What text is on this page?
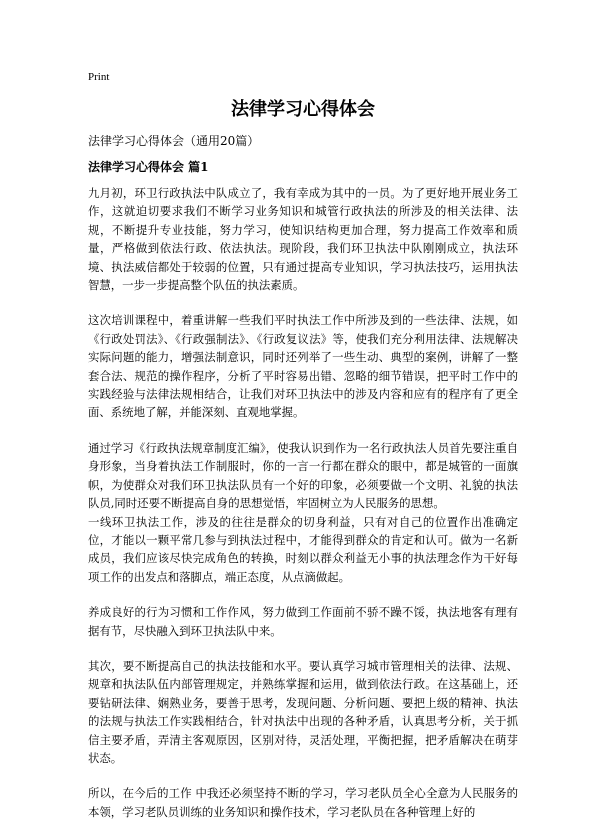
Print
法律学习心得体会
法律学习心得体会（通用20篇）
法律学习心得体会 篇1

九月初，环卫行政执法中队成立了，我有幸成为其中的一员。为了更好地开展业务工作，这就迫切要求我们不断学习业务知识和城管行政执法的所涉及的相关法律、法规，不断提升专业技能，努力学习，使知识结构更加合理，努力提高工作效率和质量，严格做到依法行政、依法执法。现阶段，我们环卫执法中队刚刚成立，执法环境、执法威信都处于较弱的位置，只有通过提高专业知识，学习执法技巧，运用执法智慧，一步一步提高整个队伍的执法素质。

这次培训课程中，着重讲解一些我们平时执法工作中所涉及到的一些法律、法规，如《行政处罚法》、《行政强制法》、《行政复议法》等，使我们充分利用法律、法规解决实际问题的能力，增强法制意识，同时还列举了一些生动、典型的案例，讲解了一整套合法、规范的操作程序，分析了平时容易出错、忽略的细节错误，把平时工作中的实践经验与法律法规相结合，让我们对环卫执法中的涉及内容和应有的程序有了更全面、系统地了解，并能深刻、直观地掌握。

通过学习《行政执法规章制度汇编》，使我认识到作为一名行政执法人员首先要注重自身形象，当身着执法工作制服时，你的一言一行都在群众的眼中，都是城管的一面旗帜，为使群众对我们环卫执法队员有一个好的印象，必须要做一个文明、礼貌的执法队员,同时还要不断提高自身的思想觉悟，牢固树立为人民服务的思想。

一线环卫执法工作，涉及的往往是群众的切身利益，只有对自己的位置作出准确定位，才能以一颗平常几参与到执法过程中，才能得到群众的肯定和认可。做为一名新成员，我们应该尽快完成角色的转换，时刻以群众利益无小事的执法理念作为干好每项工作的出发点和落脚点，端正态度，从点滴做起。

养成良好的行为习惯和工作作风，努力做到工作面前不骄不躁不馁，执法地客有理有据有节，尽快融入到环卫执法队中来。

其次，要不断提高自己的执法技能和水平。要认真学习城市管理相关的法律、法规、规章和执法队伍内部管理规定，并熟练掌握和运用，做到依法行政。在这基础上，还要钻研法律、娴熟业务，要善于思考，发现问题、分析问题、要把上级的精神、执法的法规与执法工作实践相结合，针对执法中出现的各种矛盾，认真思考分析，关于抓信主要矛盾，弄清主客观原因，区别对待，灵活处理，平衡把握，把矛盾解决在萌芽状态。

所以，在今后的工作 中我还必须坚持不断的学习，学习老队员全心全意为人民服务的本领，学习老队员训练的业务知识和操作技术，学习老队员在各种管理上好的
